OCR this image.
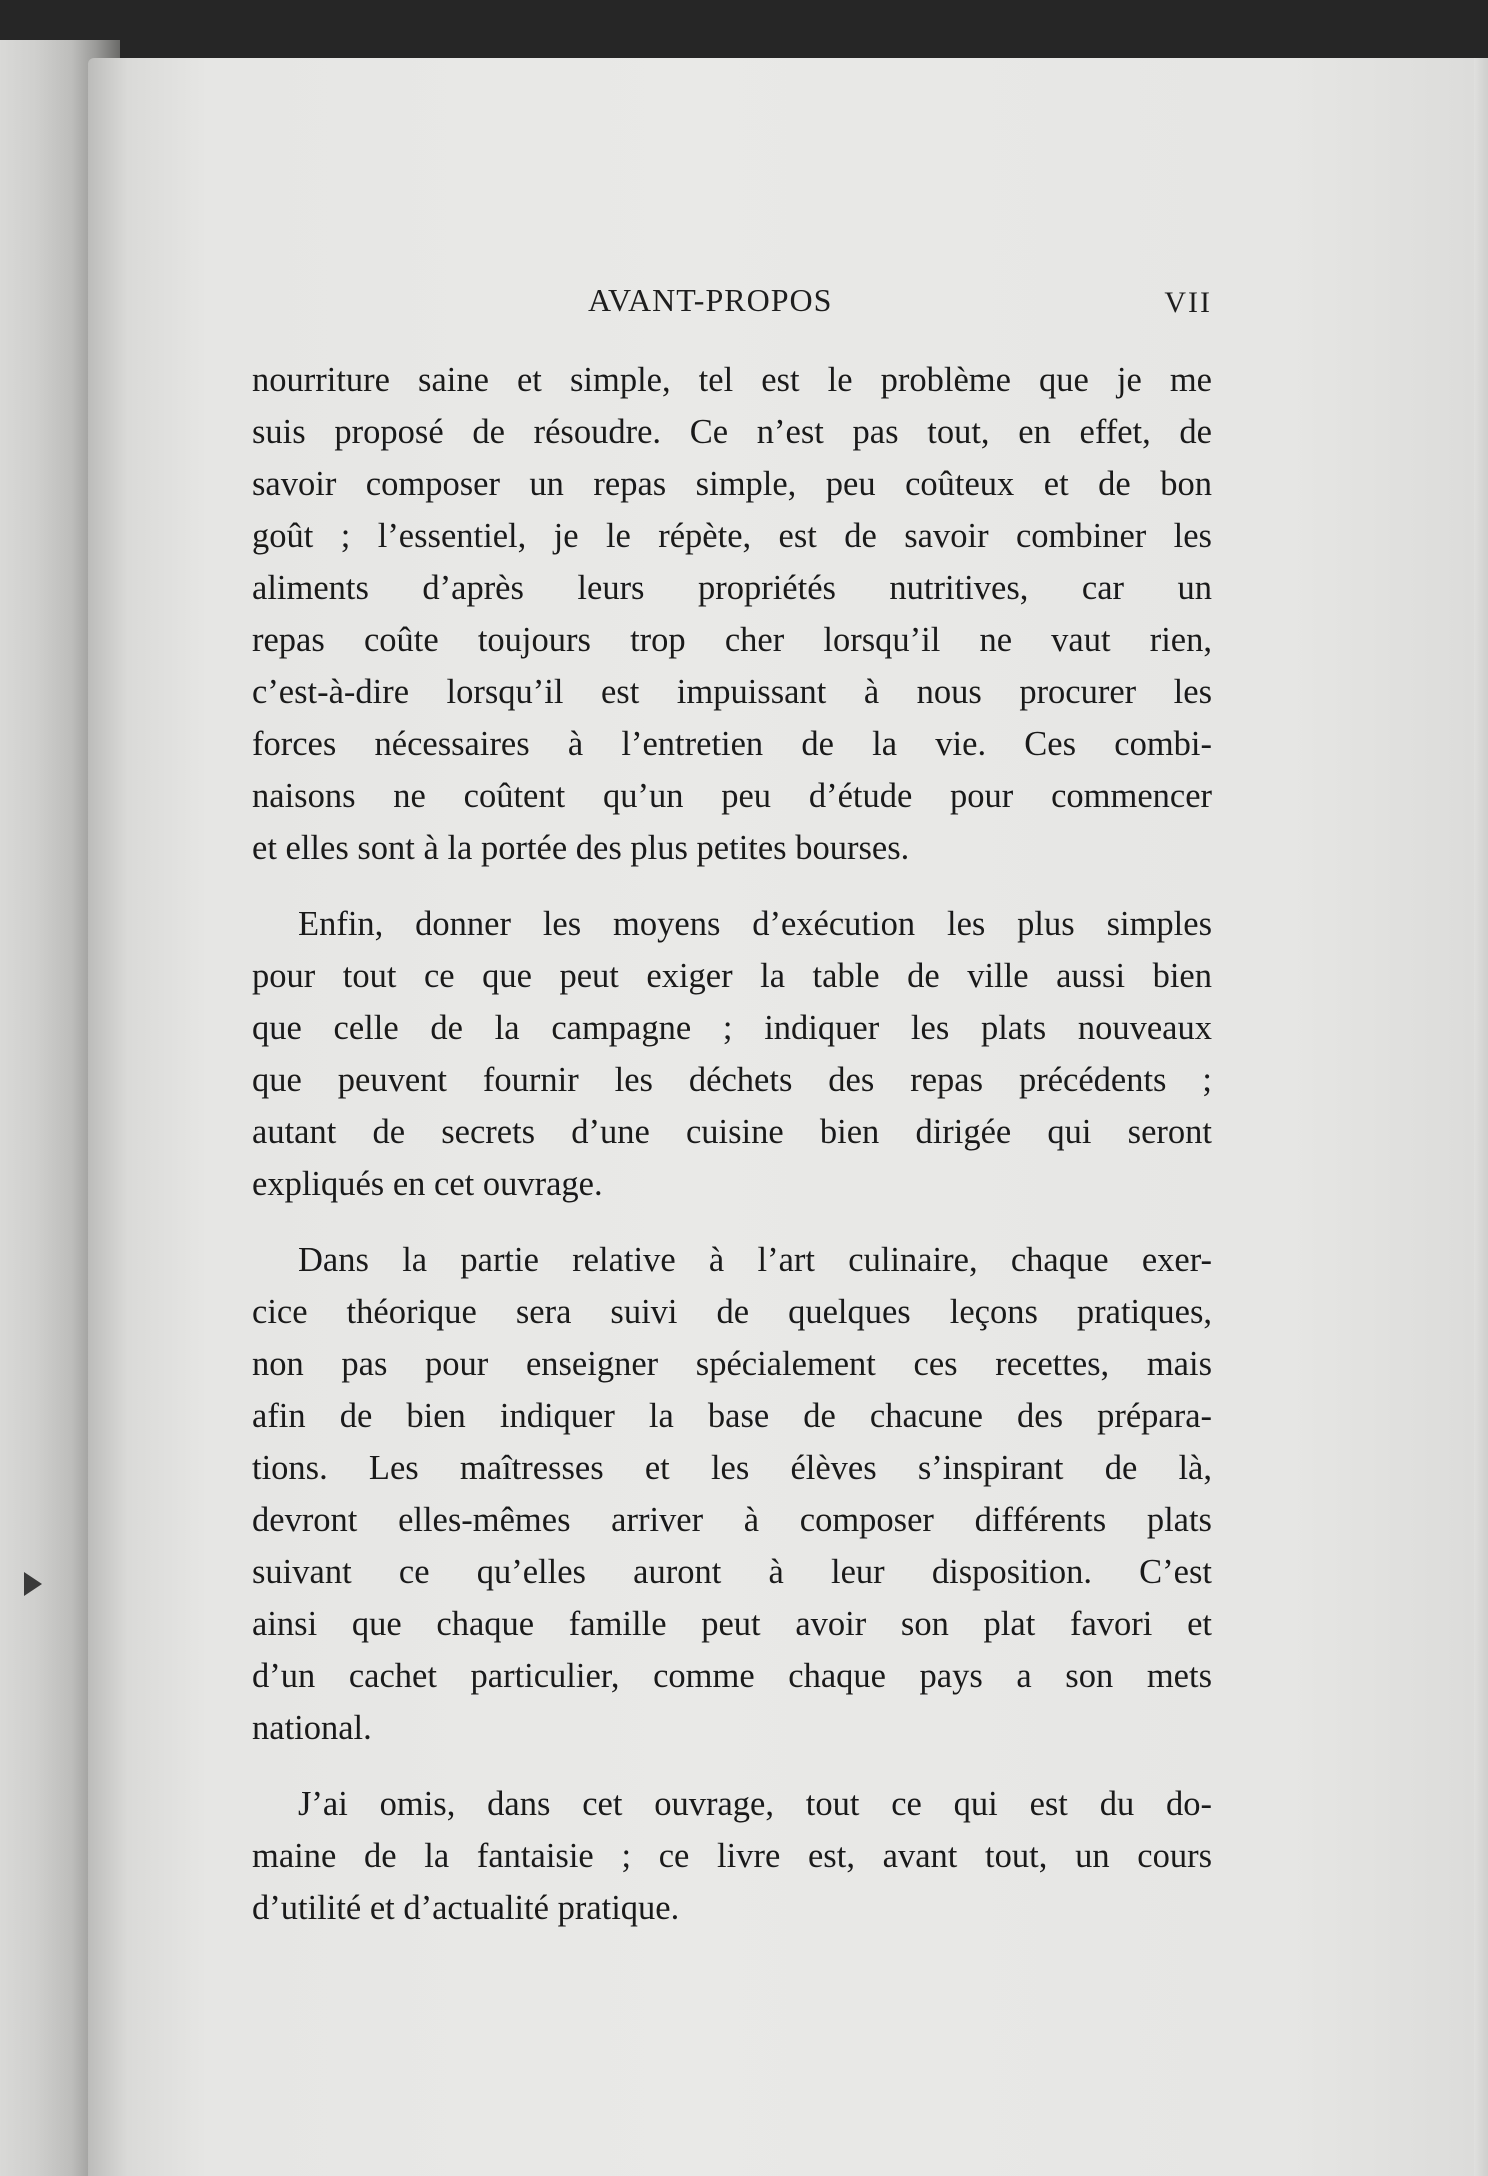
AVANT-PROPOS	VII
nourriture saine et simple, tel est le problème que je me
suis proposé de résoudre. Ce n’est pas tout, en effet, de
savoir composer un repas simple, peu coûteux et de bon
goût ; l’essentiel, je le répète, est de savoir combiner les
aliments d’après leurs propriétés nutritives, car un
repas coûte toujours trop cher lorsqu’il ne vaut rien,
c’est-à-dire lorsqu’il est impuissant à nous procurer les
forces nécessaires à l’entretien de la vie. Ces combi-
naisons ne coûtent qu’un peu d’étude pour commencer
et elles sont à la portée des plus petites bourses.
Enfin, donner les moyens d’exécution les plus simples
pour tout ce que peut exiger la table de ville aussi bien
que celle de la campagne ; indiquer les plats nouveaux
que peuvent fournir les déchets des repas précédents ;
autant de secrets d’une cuisine bien dirigée qui seront
expliqués en cet ouvrage.
Dans la partie relative à l’art culinaire, chaque exer-
cice théorique sera suivi de quelques leçons pratiques,
non pas pour enseigner spécialement ces recettes, mais
afin de bien indiquer la base de chacune des prépara-
tions. Les maîtresses et les élèves s’inspirant de là,
devront elles-mêmes arriver à composer différents plats
suivant ce qu’elles auront à leur disposition. C’est
ainsi que chaque famille peut avoir son plat favori et
d’un cachet particulier, comme chaque pays a son mets
national.
J’ai omis, dans cet ouvrage, tout ce qui est du do-
maine de la fantaisie ; ce livre est, avant tout, un cours
d’utilité et d’actualité pratique.
